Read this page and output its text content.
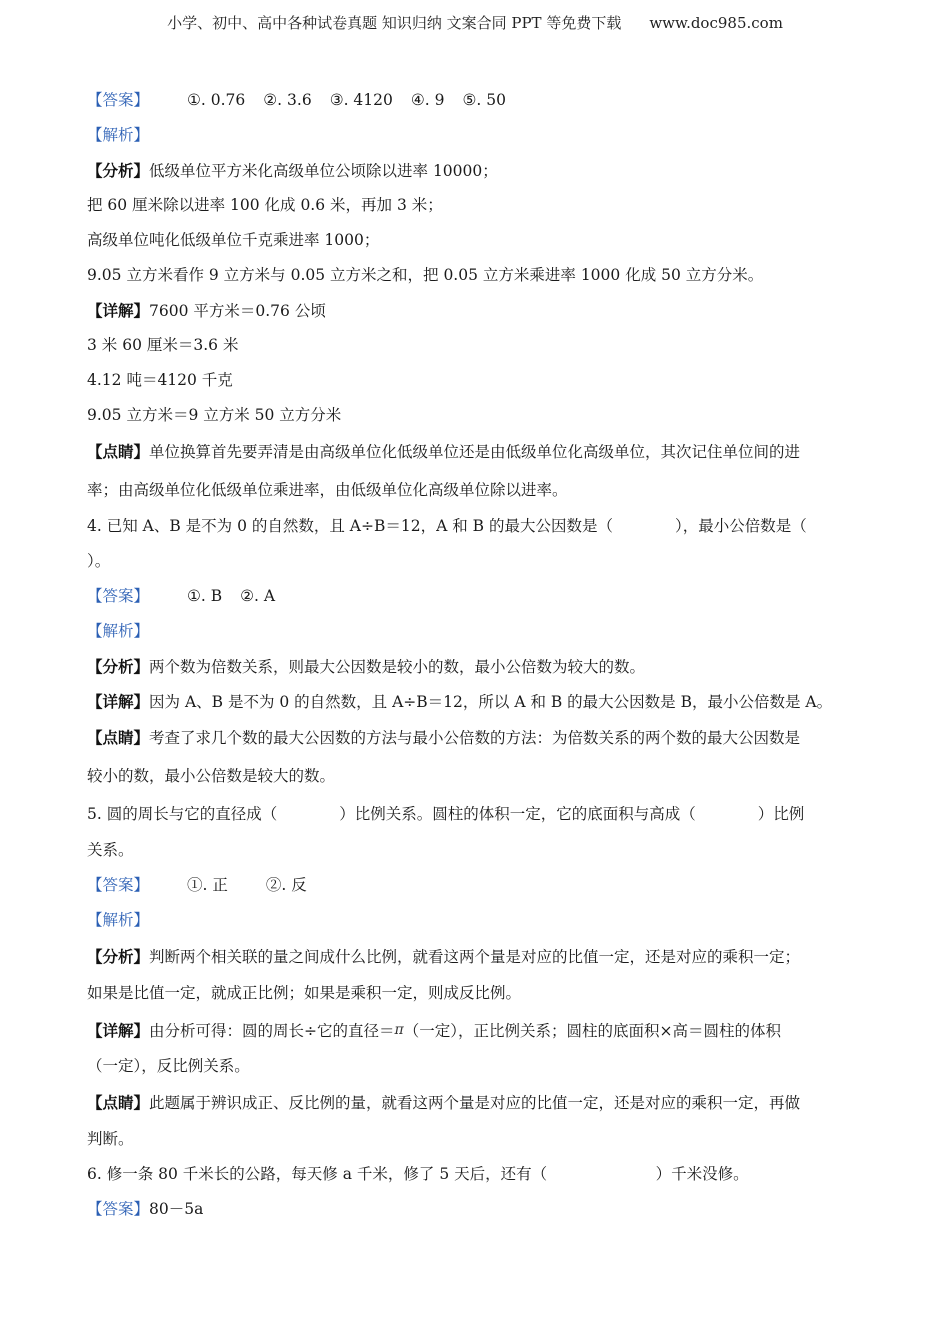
小学、初中、高中各种试卷真题 知识归纳 文案合同 PPT 等免费下载 www.doc985.com
【答案】 ①. 0.76 ②. 3.6 ③. 4120 ④. 9 ⑤. 50
【解析】
【分析】低级单位平方米化高级单位公顷除以进率 10000；
把 60 厘米除以进率 100 化成 0.6 米，再加 3 米；
高级单位吨化低级单位千克乘进率 1000；
9.05 立方米看作 9 立方米与 0.05 立方米之和，把 0.05 立方米乘进率 1000 化成 50 立方分米。
【详解】7600 平方米＝0.76 公顷
3 米 60 厘米＝3.6 米
4.12 吨＝4120 千克
9.05 立方米＝9 立方米 50 立方分米
【点睛】单位换算首先要弄清是由高级单位化低级单位还是由低级单位化高级单位，其次记住单位间的进
率；由高级单位化低级单位乘进率，由低级单位化高级单位除以进率。
4. 已知 A、B 是不为 0 的自然数，且 A÷B＝12，A 和 B 的最大公因数是（　　　　），最小公倍数是（
）。
【答案】 ①. B ②. A
【解析】
【分析】两个数为倍数关系，则最大公因数是较小的数，最小公倍数为较大的数。
【详解】因为 A、B 是不为 0 的自然数，且 A÷B＝12，所以 A 和 B 的最大公因数是 B，最小公倍数是 A。
【点睛】考查了求几个数的最大公因数的方法与最小公倍数的方法：为倍数关系的两个数的最大公因数是
较小的数，最小公倍数是较大的数。
5. 圆的周长与它的直径成（　　　　）比例关系。圆柱的体积一定，它的底面积与高成（　　　　）比例
关系。
【答案】 ①. 正 ②. 反
【解析】
【分析】判断两个相关联的量之间成什么比例，就看这两个量是对应的比值一定，还是对应的乘积一定；
如果是比值一定，就成正比例；如果是乘积一定，则成反比例。
【详解】由分析可得：圆的周长÷它的直径＝π（一定），正比例关系；圆柱的底面积×高＝圆柱的体积
（一定），反比例关系。
【点睛】此题属于辨识成正、反比例的量，就看这两个量是对应的比值一定，还是对应的乘积一定，再做
判断。
6. 修一条 80 千米长的公路，每天修 a 千米，修了 5 天后，还有（　　　　　　　）千米没修。
【答案】80－5a
